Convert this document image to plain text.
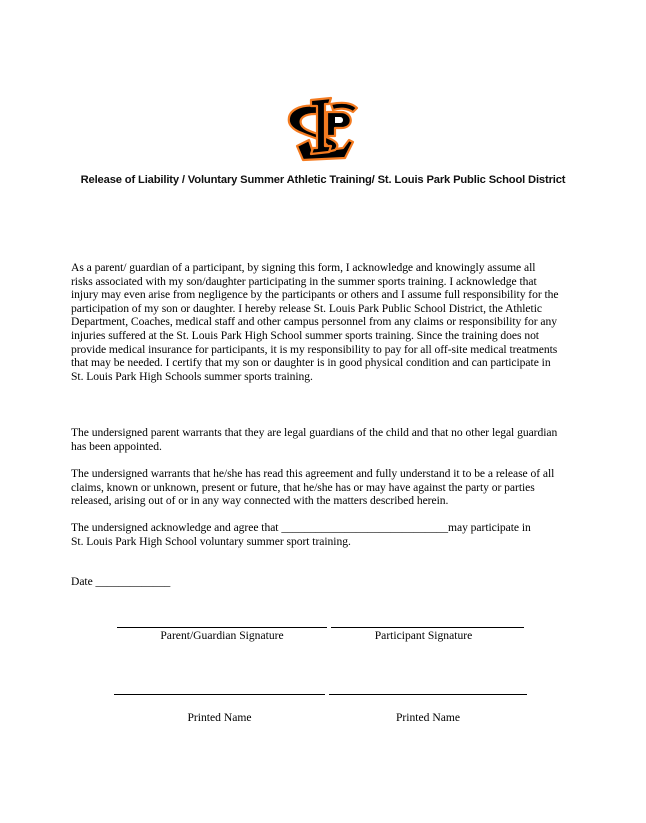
Release of Liability / Voluntary Summer Athletic Training/ St. Louis Park Public School District
As a parent/ guardian of a participant, by signing this form, I acknowledge and knowingly assume all
risks associated with my son/daughter participating in the summer sports training. I acknowledge that
injury may even arise from negligence by the participants or others and I assume full responsibility for the
participation of my son or daughter. I hereby release St. Louis Park Public School District, the Athletic
Department, Coaches, medical staff and other campus personnel from any claims or responsibility for any
injuries suffered at the St. Louis Park High School summer sports training. Since the training does not
provide medical insurance for participants, it is my responsibility to pay for all off-site medical treatments
that may be needed. I certify that my son or daughter is in good physical condition and can participate in
St. Louis Park High Schools summer sports training.
The undersigned parent warrants that they are legal guardians of the child and that no other legal guardian
has been appointed.
The undersigned warrants that he/she has read this agreement and fully understand it to be a release of all
claims, known or unknown, present or future, that he/she has or may have against the party or parties
released, arising out of or in any way connected with the matters described herein.
The undersigned acknowledge and agree that _____________________________may participate in
St. Louis Park High School voluntary summer sport training.
Date _____________
Parent/Guardian Signature	Participant Signature
Printed Name	Printed Name
